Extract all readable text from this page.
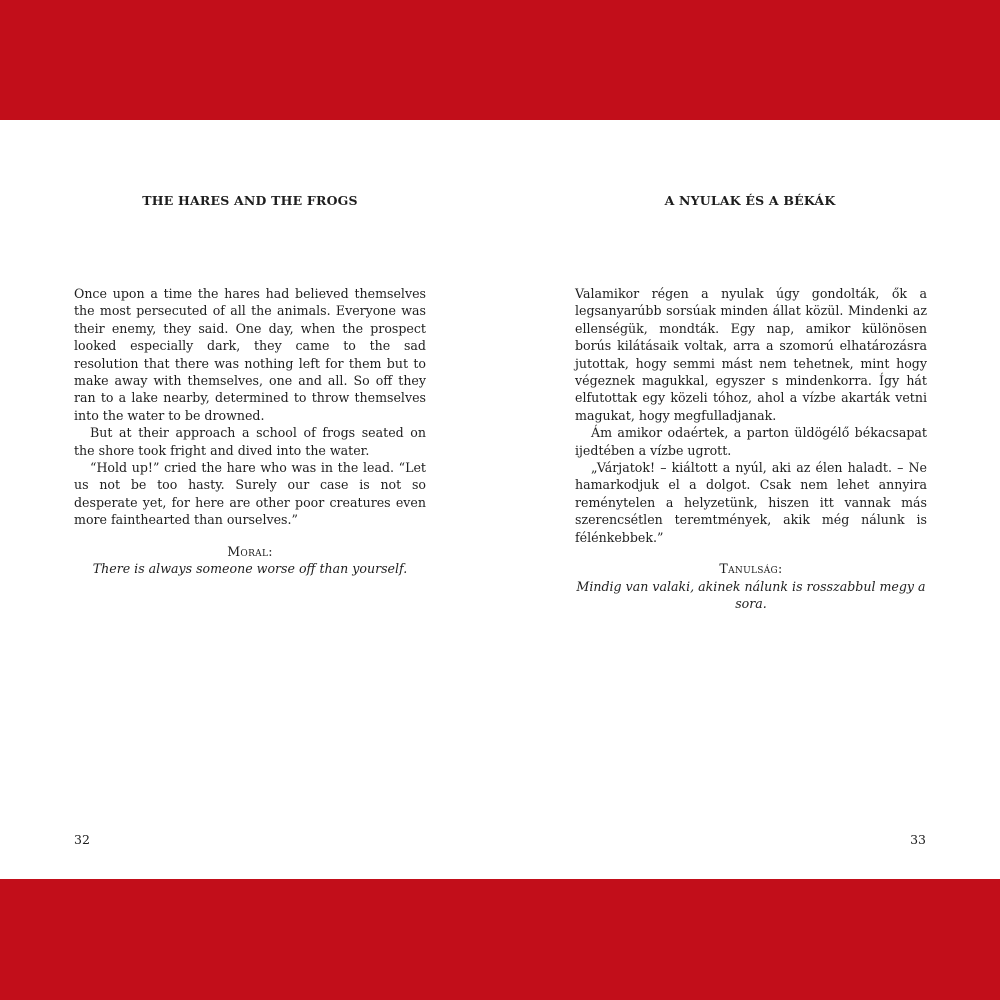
THE HARES AND THE FROGS

Once upon a time the hares had believed themselves the most persecuted of all the animals. Everyone was their enemy, they said. One day, when the prospect looked especially dark, they came to the sad resolution that there was nothing left for them but to make away with themselves, one and all. So off they ran to a lake nearby, determined to throw themselves into the water to be drowned.

But at their approach a school of frogs seated on the shore took fright and dived into the water.

“Hold up!” cried the hare who was in the lead. “Let us not be too hasty. Surely our case is not so desperate yet, for here are other poor creatures even more fainthearted than ourselves.”

Moral:
There is always someone worse off than yourself.
32
A NYULAK ÉS A BÉKÁK

Valamikor régen a nyulak úgy gondolták, ők a legsanyarúbb sorsúak minden állat közül. Mindenki az ellenségük, mondták. Egy nap, amikor különösen borús kilátásaik voltak, arra a szomorú elhatározásra jutottak, hogy semmi mást nem tehetnek, mint hogy végeznek magukkal, egyszer s mindenkorra. Így hát elfutottak egy közeli tóhoz, ahol a vízbe akarták vetni magukat, hogy megfulladjanak.

Ám amikor odaértek, a parton üldögélő békacsapat ijedtében a vízbe ugrott.

„Várjatok! – kiáltott a nyúl, aki az élen haladt. – Ne hamarkodjuk el a dolgot. Csak nem lehet annyira reménytelen a helyzetünk, hiszen itt vannak más szerencsétlen teremtmények, akik még nálunk is félénkebbek.”

Tanulság:
Mindig van valaki, akinek nálunk is rosszabbul megy a sora.
33
